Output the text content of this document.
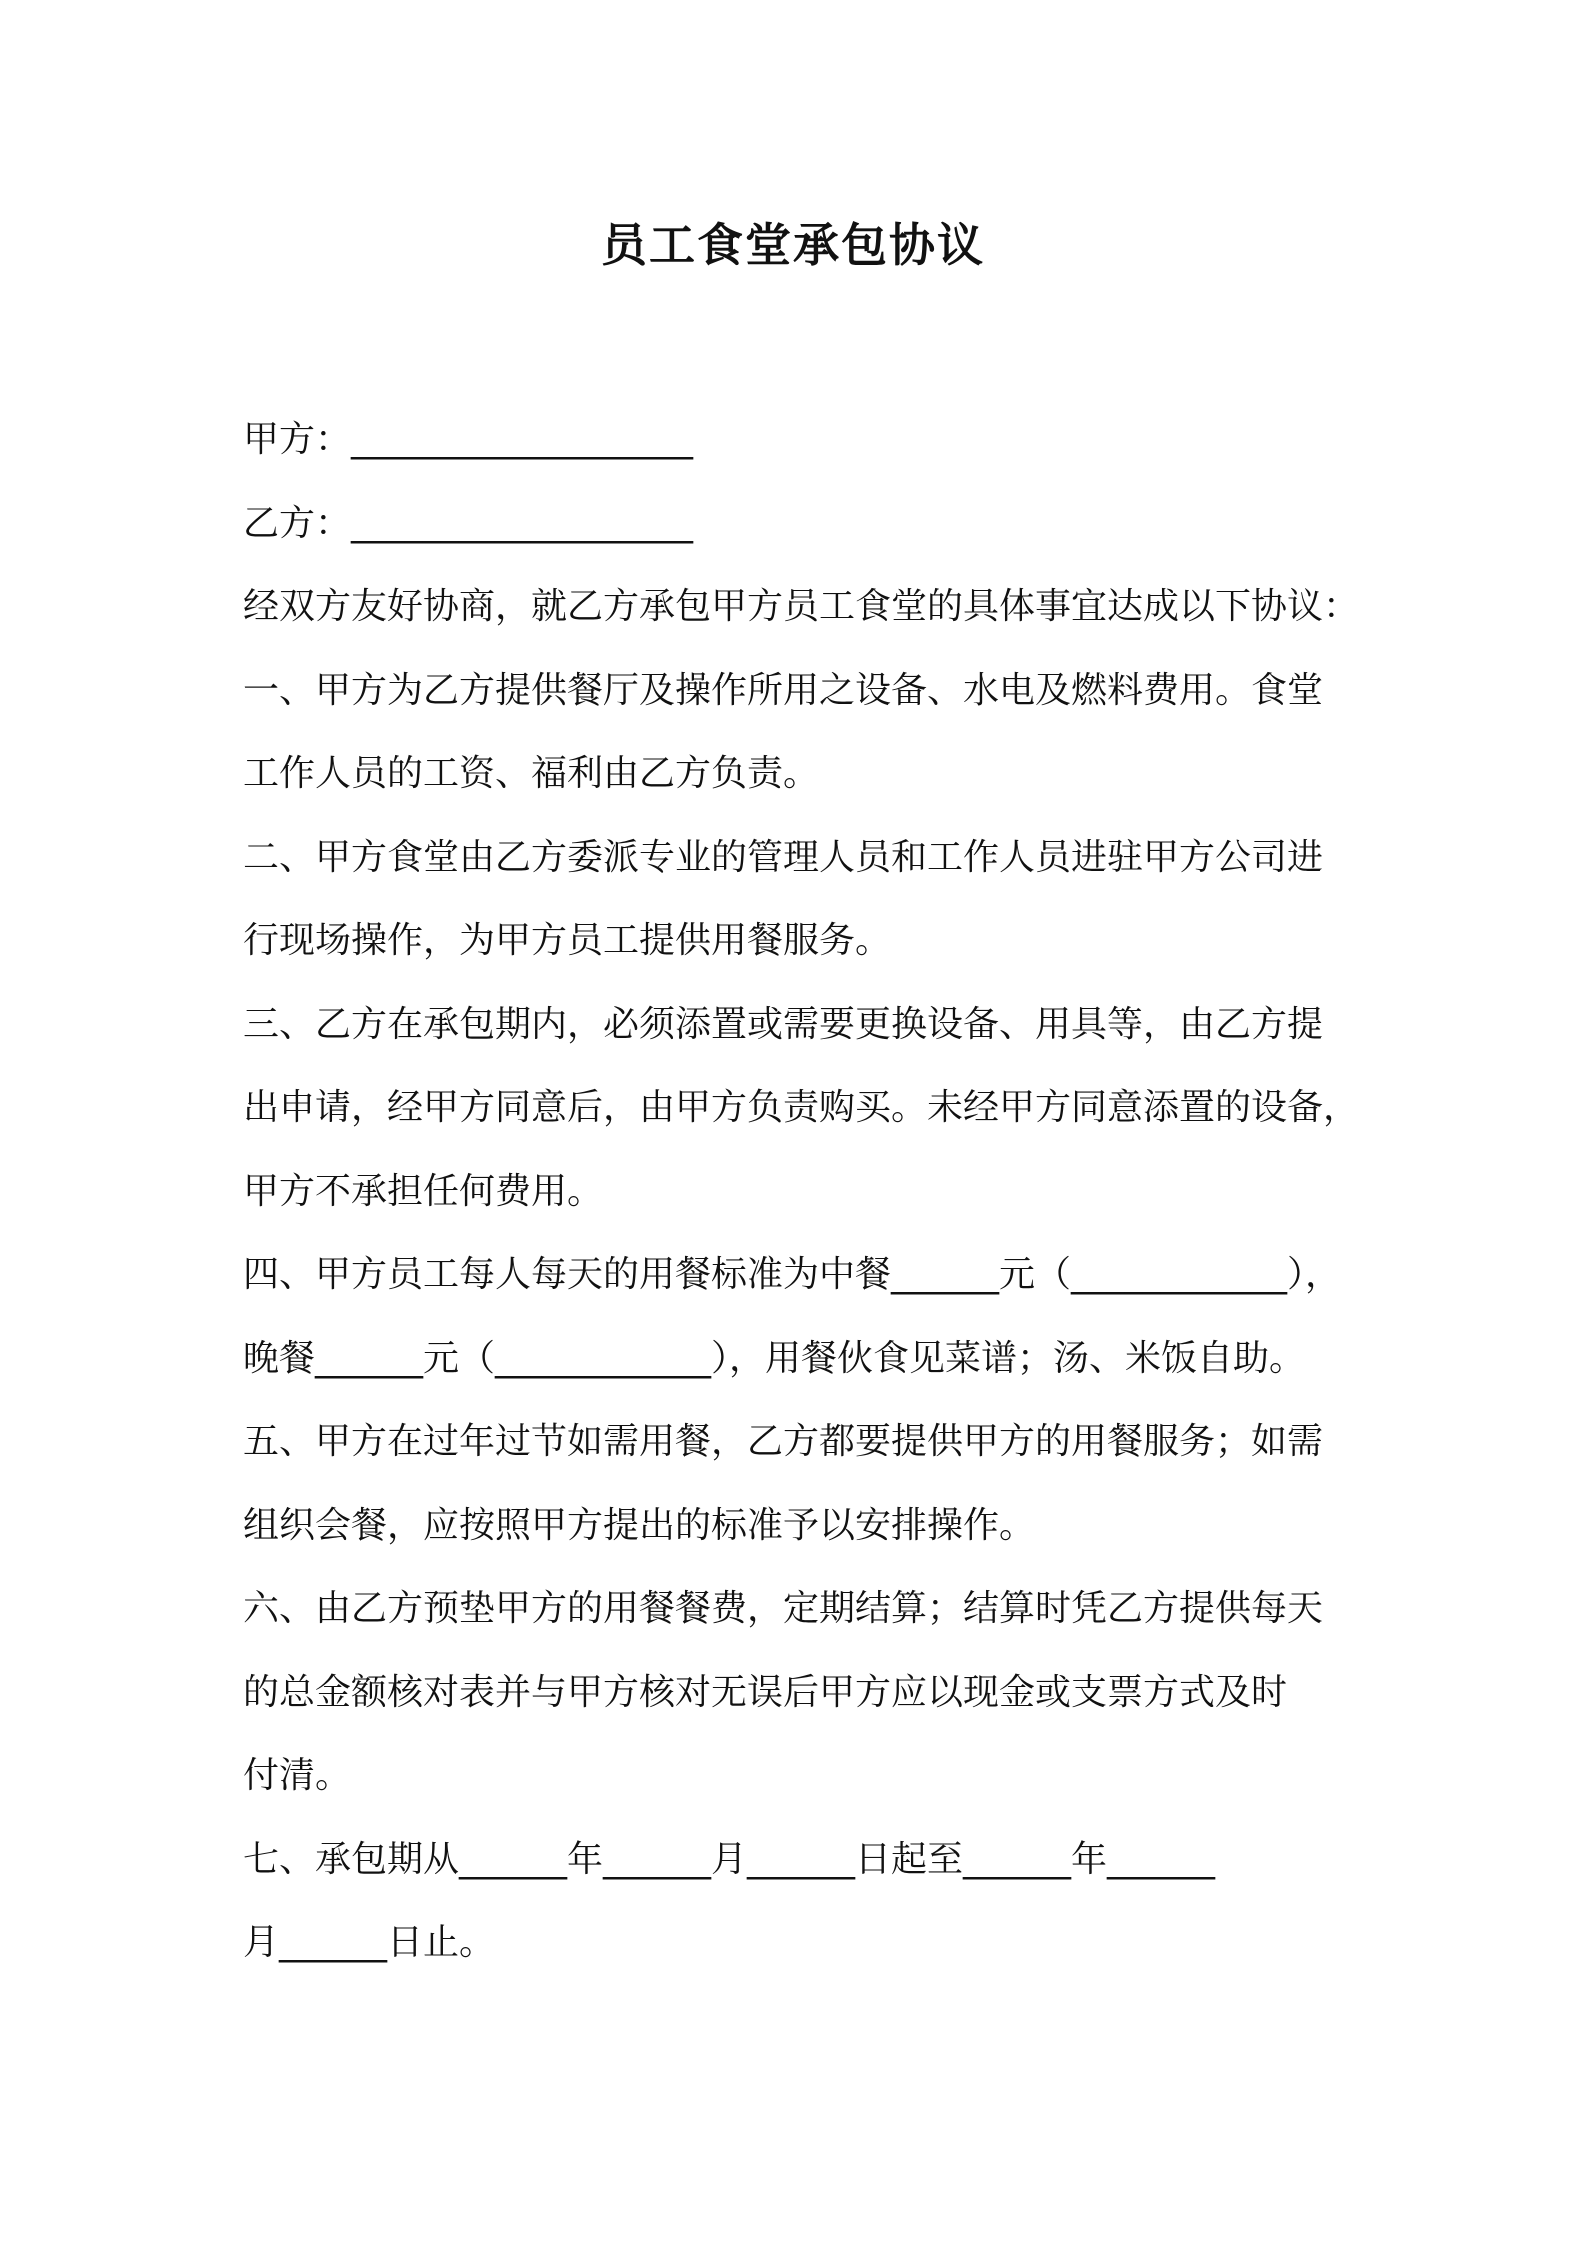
员工食堂承包协议
甲方：___________________
乙方：___________________
经双方友好协商，就乙方承包甲方员工食堂的具体事宜达成以下协议：
一、甲方为乙方提供餐厅及操作所用之设备、水电及燃料费用。食堂
工作人员的工资、福利由乙方负责。
二、甲方食堂由乙方委派专业的管理人员和工作人员进驻甲方公司进
行现场操作，为甲方员工提供用餐服务。
三、乙方在承包期内，必须添置或需要更换设备、用具等，由乙方提
出申请，经甲方同意后，由甲方负责购买。未经甲方同意添置的设备，
甲方不承担任何费用。
四、甲方员工每人每天的用餐标准为中餐______元（____________），
晚餐______元（____________），用餐伙食见菜谱；汤、米饭自助。
五、甲方在过年过节如需用餐，乙方都要提供甲方的用餐服务；如需
组织会餐，应按照甲方提出的标准予以安排操作。
六、由乙方预垫甲方的用餐餐费，定期结算；结算时凭乙方提供每天
的总金额核对表并与甲方核对无误后甲方应以现金或支票方式及时
付清。
七、承包期从______年______月______日起至______年______
月______日止。
